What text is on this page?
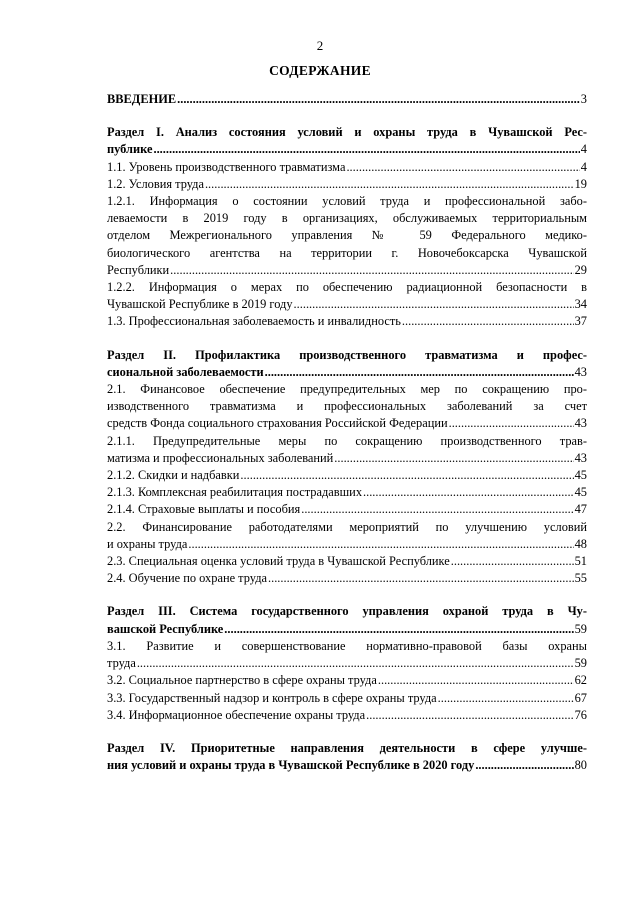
2
СОДЕРЖАНИЕ
ВВЕДЕНИЕ .....	3
Раздел I. Анализ состояния условий и охраны труда в Чувашской Рес-
публике .....	4
1.1. Уровень производственного травматизма .....	4
1.2. Условия труда .....	19
1.2.1. Информация о состоянии условий труда и профессиональной забо-
леваемости в 2019 году в организациях, обслуживаемых территориальным
отделом Межрегионального управления № 59 Федерального медико-
биологического агентства на территории г. Новочебоксарска Чувашской
Республики .....	29
1.2.2. Информация о мерах по обеспечению радиационной безопасности в
Чувашской Республике в 2019 году .....	34
1.3. Профессиональная заболеваемость и инвалидность .....	37
Раздел II. Профилактика производственного травматизма и профес-
сиональной заболеваемости .....	43
2.1. Финансовое обеспечение предупредительных мер по сокращению про-
изводственного травматизма и профессиональных заболеваний за счет
средств Фонда социального страхования Российской Федерации .....	43
2.1.1. Предупредительные меры по сокращению производственного трав-
матизма и профессиональных заболеваний .....	43
2.1.2. Скидки и надбавки .....	45
2.1.3. Комплексная реабилитация пострадавших .....	45
2.1.4. Страховые выплаты и пособия .....	47
2.2. Финансирование работодателями мероприятий по улучшению условий
и охраны труда .....	48
2.3. Специальная оценка условий труда в Чувашской Республике .....	51
2.4. Обучение по охране труда .....	55
Раздел III. Система государственного управления охраной труда в Чу-
вашской Республике .....	59
3.1. Развитие и совершенствование нормативно-правовой базы охраны
труда .....	59
3.2. Социальное партнерство в сфере охраны труда .....	62
3.3. Государственный надзор и контроль в сфере охраны труда .....	67
3.4. Информационное обеспечение охраны труда .....	76
Раздел IV. Приоритетные направления деятельности в сфере улучше-
ния условий и охраны труда в Чувашской Республике в 2020 году .....	80
